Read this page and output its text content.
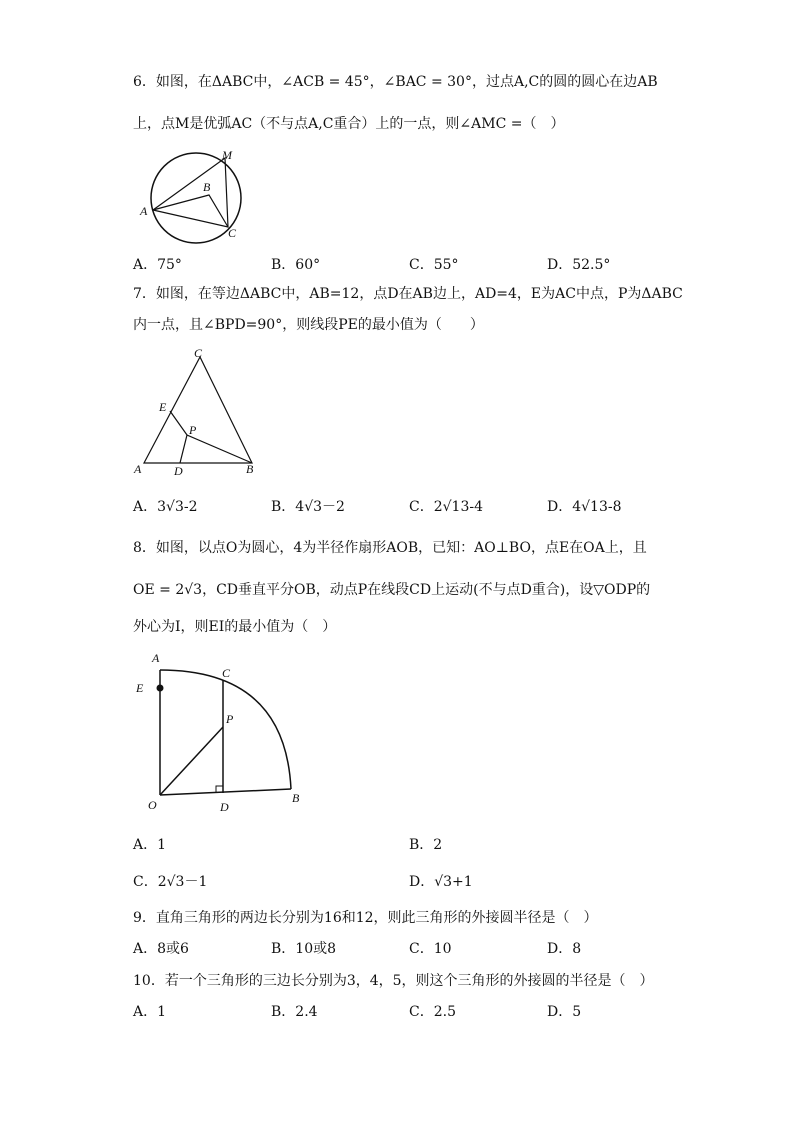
6．如图，在ΔABC中，∠ACB = 45°，∠BAC = 30°，过点A,C的圆的圆心在边AB
上，点M是优弧AC（不与点A,C重合）上的一点，则∠AMC =（　）
A
B
C
M
A．75°	B．60°	C．55°	D．52.5°
7．如图，在等边ΔABC中，AB=12，点D在AB边上，AD=4，E为AC中点，P为ΔABC
内一点，且∠BPD=90°，则线段PE的最小值为（　　）
C
E
P
A	D	B
A．3√3-2	B．4√3－2	C．2√13-4	D．4√13-8
8．如图，以点O为圆心，4为半径作扇形AOB，已知：AO⊥BO，点E在OA上，且
OE = 2√3，CD垂直平分OB，动点P在线段CD上运动(不与点D重合)，设▽ODP的
外心为I，则EI的最小值为（　）
A
E
C
P
O	D
B
A．1	B．2
C．2√3－1	D．√3+1
9．直角三角形的两边长分别为16和12，则此三角形的外接圆半径是（　）
A．8或6	B．10或8	C．10	D．8
10．若一个三角形的三边长分别为3，4，5，则这个三角形的外接圆的半径是（　）
A．1	B．2.4	C．2.5	D．5
